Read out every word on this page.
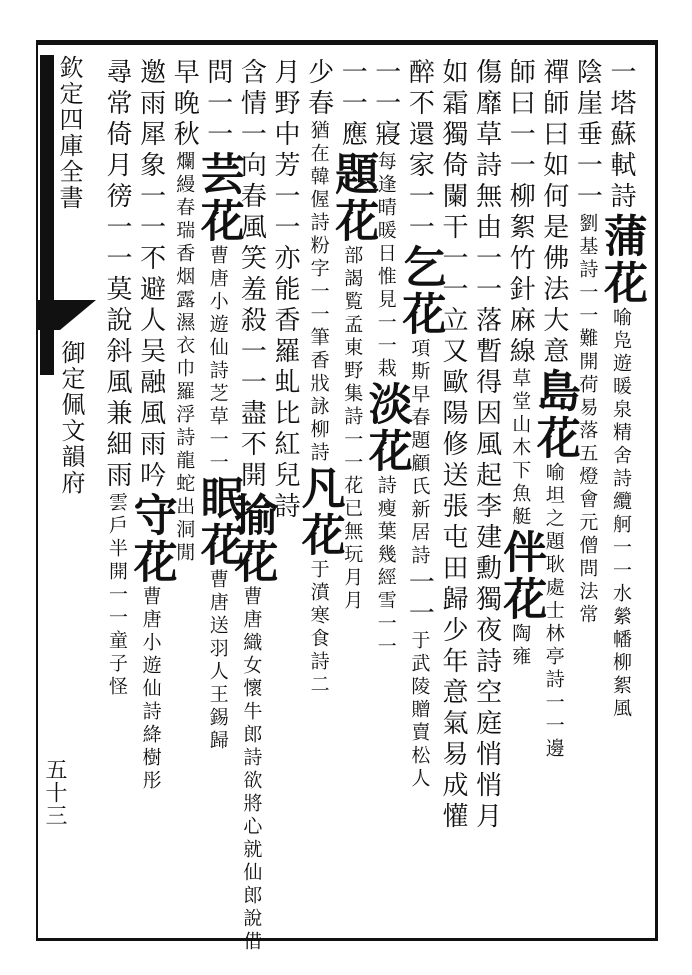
欽定四庫全書
御定佩文韻府
五十三
一塔蘇軾詩蒲花喻凫遊暖泉精舍詩纜舸一一水縈幡柳絮風
陰崖垂一一劉基詩一一難開荷易落五燈會元僧問法常
禪師曰如何是佛法大意島花喻坦之題耿處士林亭詩一一邊
師曰一一柳絮竹針麻線草堂山木下魚艇伴花陶雍
傷靡草詩無由一一落暫得因風起李建勳獨夜詩空庭悄悄月
如霜獨倚闌干一一立又歐陽修送張屯田歸少年意氣易成懽
醉不還家一一乞花項斯早春題顧氏新居詩一一于武陵贈賣松人
一一寢每逢晴暖日惟見一一栽淡花詩瘦葉幾經雪一一
一一應題花部謁覧孟東野集詩一一花已無玩月月
少春猶在韓偓詩粉字一一筆香戕詠柳詩凡花于濆寒食詩二
月野中芳一一亦能香羅虬比紅兒詩
含情一向春風笑羞殺一一盡不開揄花曹唐織女懷牛郎詩欲將心就仙郎說借
問一一芸花曹唐小遊仙詩芝草一一眠花曹唐送羽人王錫歸
早晚秋爛縵春瑞香烟露濕衣巾羅浮詩龍蛇出洞閒
邀雨犀象一一不避人吴融風雨吟守花曹唐小遊仙詩絳樹彤
尋常倚月徬一一莫說斜風兼細雨雲戶半開一一童子怪
